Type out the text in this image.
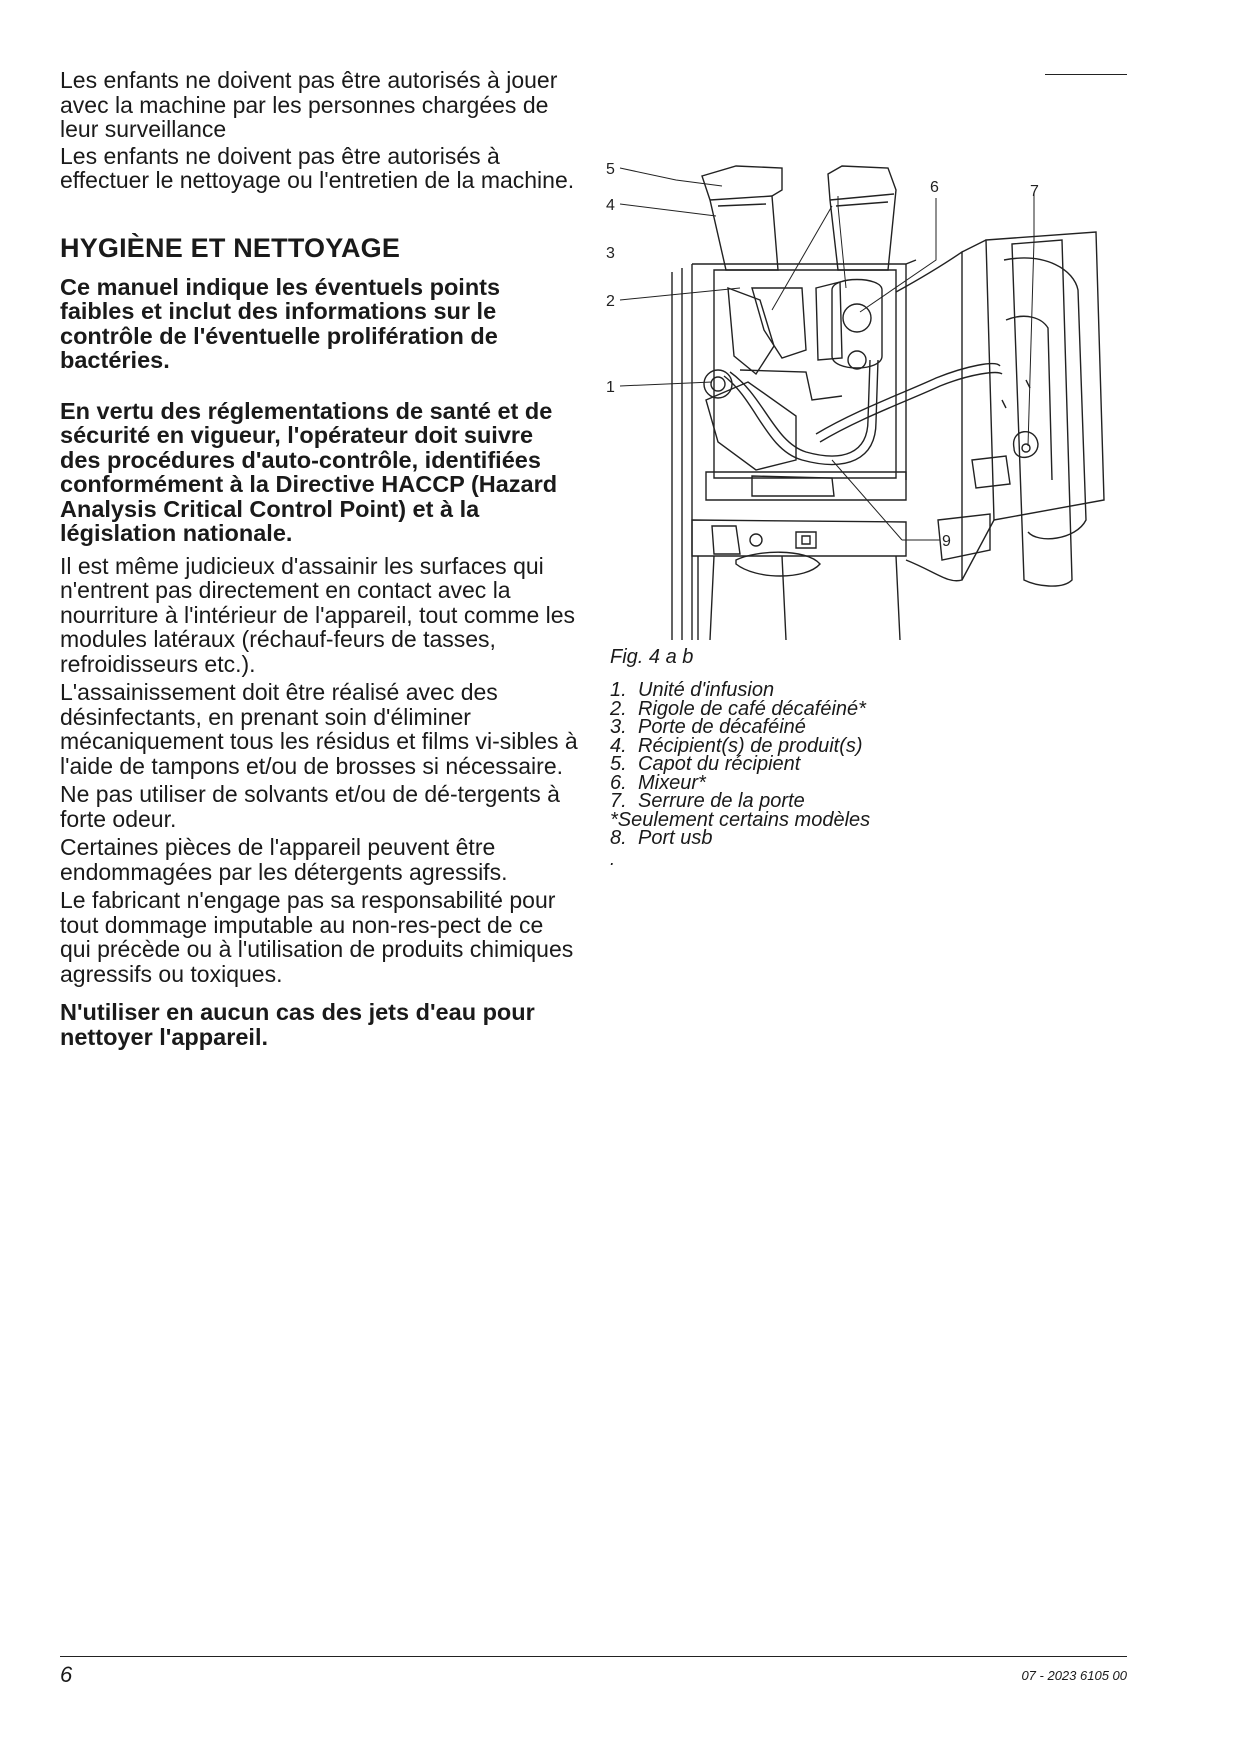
Les enfants ne doivent pas être autorisés à jouer avec la machine par les personnes chargées de leur surveillance

Les enfants ne doivent pas être autorisés à effectuer le nettoyage ou l'entretien de la machine.

HYGIÈNE ET NETTOYAGE

Ce manuel indique les éventuels points faibles et inclut des informations sur le contrôle de l'éventuelle prolifération de bactéries.

En vertu des réglementations de santé et de sécurité en vigueur, l'opérateur doit suivre des procédures d'auto-contrôle, identifiées conformément à la Directive HACCP (Hazard Analysis Critical Control Point) et à la législation nationale.

Il est même judicieux d'assainir les surfaces qui n'entrent pas directement en contact avec la nourriture à l'intérieur de l'appareil, tout comme les modules latéraux (réchauf-feurs de tasses, refroidisseurs etc.).

L'assainissement doit être réalisé avec des désinfectants, en prenant soin d'éliminer mécaniquement tous les résidus et films vi-sibles à l'aide de tampons et/ou de brosses si nécessaire.

Ne pas utiliser de solvants et/ou de dé-tergents à forte odeur.

Certaines pièces de l'appareil peuvent être endommagées par les détergents agressifs.

Le fabricant n'engage pas sa responsabilité pour tout dommage imputable au non-res-pect de ce qui précède ou à l'utilisation de produits chimiques agressifs ou toxiques.

N'utiliser en aucun cas des jets d'eau pour nettoyer l'appareil.

5
4
3
2
1
6	7
9

Fig. 4 a b

1. Unité d'infusion
2. Rigole de café décaféiné*
3. Porte de décaféiné
4. Récipient(s) de produit(s)
5. Capot du récipient
6. Mixeur*
7. Serrure de la porte
*Seulement certains modèles
8. Port usb

.

6	07 - 2023 6105 00
